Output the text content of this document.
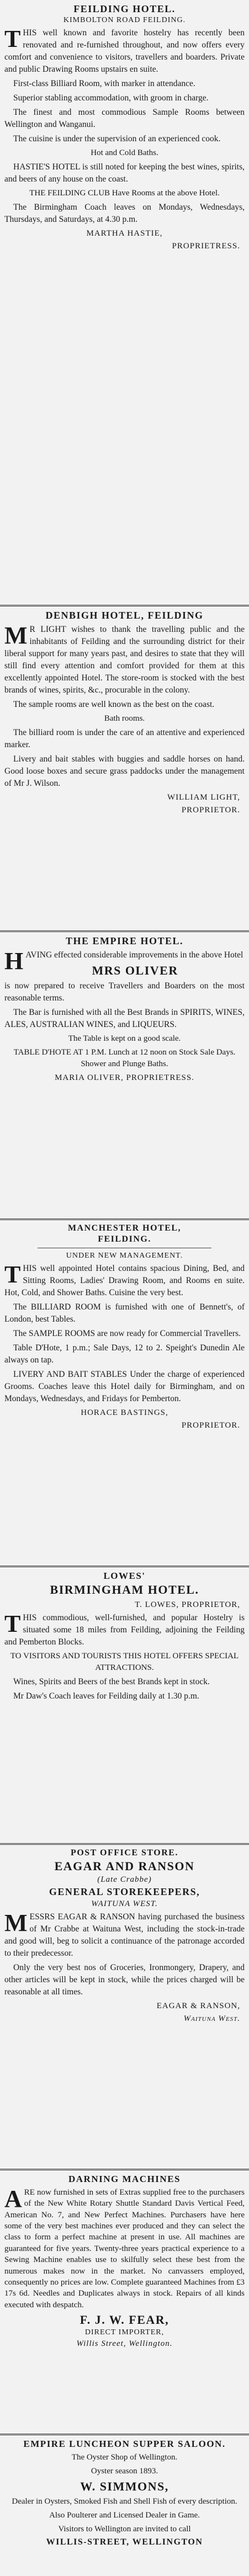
FEILDING HOTEL.
KIMBOLTON ROAD FEILDING.

THIS well known and favorite hostelry has recently been renovated and re-furnished throughout, and now offers every comfort and convenience to visitors, travellers and boarders. Private and public Drawing Rooms upstairs en suite.

First-class Billiard Room, with marker in attendance.

Superior stabling accommodation, with groom in charge.

The finest and most commodious Sample Rooms between Wellington and Wanganui.

The cuisine is under the supervision of an experienced cook.

Hot and Cold Baths.

HASTIE'S HOTEL is still noted for keeping the best wines, spirits, and beers of any house on the coast.

THE FEILDING CLUB Have Rooms at the above Hotel.

The Birmingham Coach leaves on Mondays, Wednesdays, Thursdays, and Saturdays, at 4.30 p.m.

MARTHA HASTIE,
PROPRIETRESS.
DENBIGH HOTEL, FEILDING

MR LIGHT wishes to thank the travelling public and the inhabitants of Feilding and the surrounding district for their liberal support for many years past, and desires to state that they will still find every attention and comfort provided for them at this excellently appointed Hotel. The store-room is stocked with the best brands of wines, spirits, &c., procurable in the colony.

The sample rooms are well known as the best on the coast.

Bath rooms.

The billiard room is under the care of an attentive and experienced marker.

Livery and bait stables with buggies and saddle horses on hand. Good loose boxes and secure grass paddocks under the management of Mr J. Wilson.

WILLIAM LIGHT,
PROPRIETOR.
THE EMPIRE HOTEL.

HAVING effected considerable improvements in the above Hotel

MRS OLIVER

is now prepared to receive Travellers and Boarders on the most reasonable terms.

The Bar is furnished with all the Best Brands in SPIRITS, WINES, ALES, AUSTRALIAN WINES, and LIQUEURS.

The Table is kept on a good scale.

TABLE D'HOTE AT 1 P.M. Lunch at 12 noon on Stock Sale Days. Shower and Plunge Baths.

MARIA OLIVER, PROPRIETRESS.
MANCHESTER HOTEL,
FEILDING.
UNDER NEW MANAGEMENT.

THIS well appointed Hotel contains spacious Dining, Bed, and Sitting Rooms, Ladies' Drawing Room, and Rooms en suite. Hot, Cold, and Shower Baths. Cuisine the very best.

The BILLIARD ROOM is furnished with one of Bennett's, of London, best Tables.

The SAMPLE ROOMS are now ready for Commercial Travellers.

Table D'Hote, 1 p.m.; Sale Days, 12 to 2. Speight's Dunedin Ale always on tap.

LIVERY AND BAIT STABLES Under the charge of experienced Grooms. Coaches leave this Hotel daily for Birmingham, and on Mondays, Wednesdays, and Fridays for Pemberton.

HORACE BASTINGS,
PROPRIETOR.
LOWES'
BIRMINGHAM HOTEL.
T. LOWES, PROPRIETOR,

THIS commodious, well-furnished, and popular Hostelry is situated some 18 miles from Feilding, adjoining the Feilding and Pemberton Blocks.

TO VISITORS AND TOURISTS THIS HOTEL OFFERS SPECIAL ATTRACTIONS.

Wines, Spirits and Beers of the best Brands kept in stock.

Mr Daw's Coach leaves for Feilding daily at 1.30 p.m.

POST OFFICE STORE.
EAGAR AND RANSON
(Late Crabbe)
GENERAL STOREKEEPERS,
WAITUNA WEST.

MESSRS EAGAR & RANSON having purchased the business of Mr Crabbe at Waituna West, including the stock-in-trade and good will, beg to solicit a continuance of the patronage accorded to their predecessor.

Only the very best nos of Groceries, Ironmongery, Drapery, and other articles will be kept in stock, while the prices charged will be reasonable at all times.

EAGAR & RANSON,
Waituna West.
DARNING MACHINES

ARE now furnished in sets of Extras supplied free to the purchasers of the New White Rotary Shuttle Standard Davis Vertical Feed, American No. 7, and New Perfect Machines. Purchasers have here some of the very best machines ever produced and they can select the class to form a perfect machine at present in use. All machines are guaranteed for five years. Twenty-three years practical experience to a Sewing Machine enables use to skilfully select these best from the numerous makes now in the market. No canvassers employed, consequently no prices are low. Complete guaranteed Machines from £3 17s 6d. Needles and Duplicates always in stock. Repairs of all kinds executed with despatch.

F. J. W. FEAR,
DIRECT IMPORTER,
Willis Street, Wellington.
EMPIRE LUNCHEON SUPPER SALOON.

The Oyster Shop of Wellington.

Oyster season 1893.

W. SIMMONS,

Dealer in Oysters, Smoked Fish and Shell Fish of every description.

Also Poulterer and Licensed Dealer in Game.

Visitors to Wellington are invited to call

WILLIS-STREET, WELLINGTON
